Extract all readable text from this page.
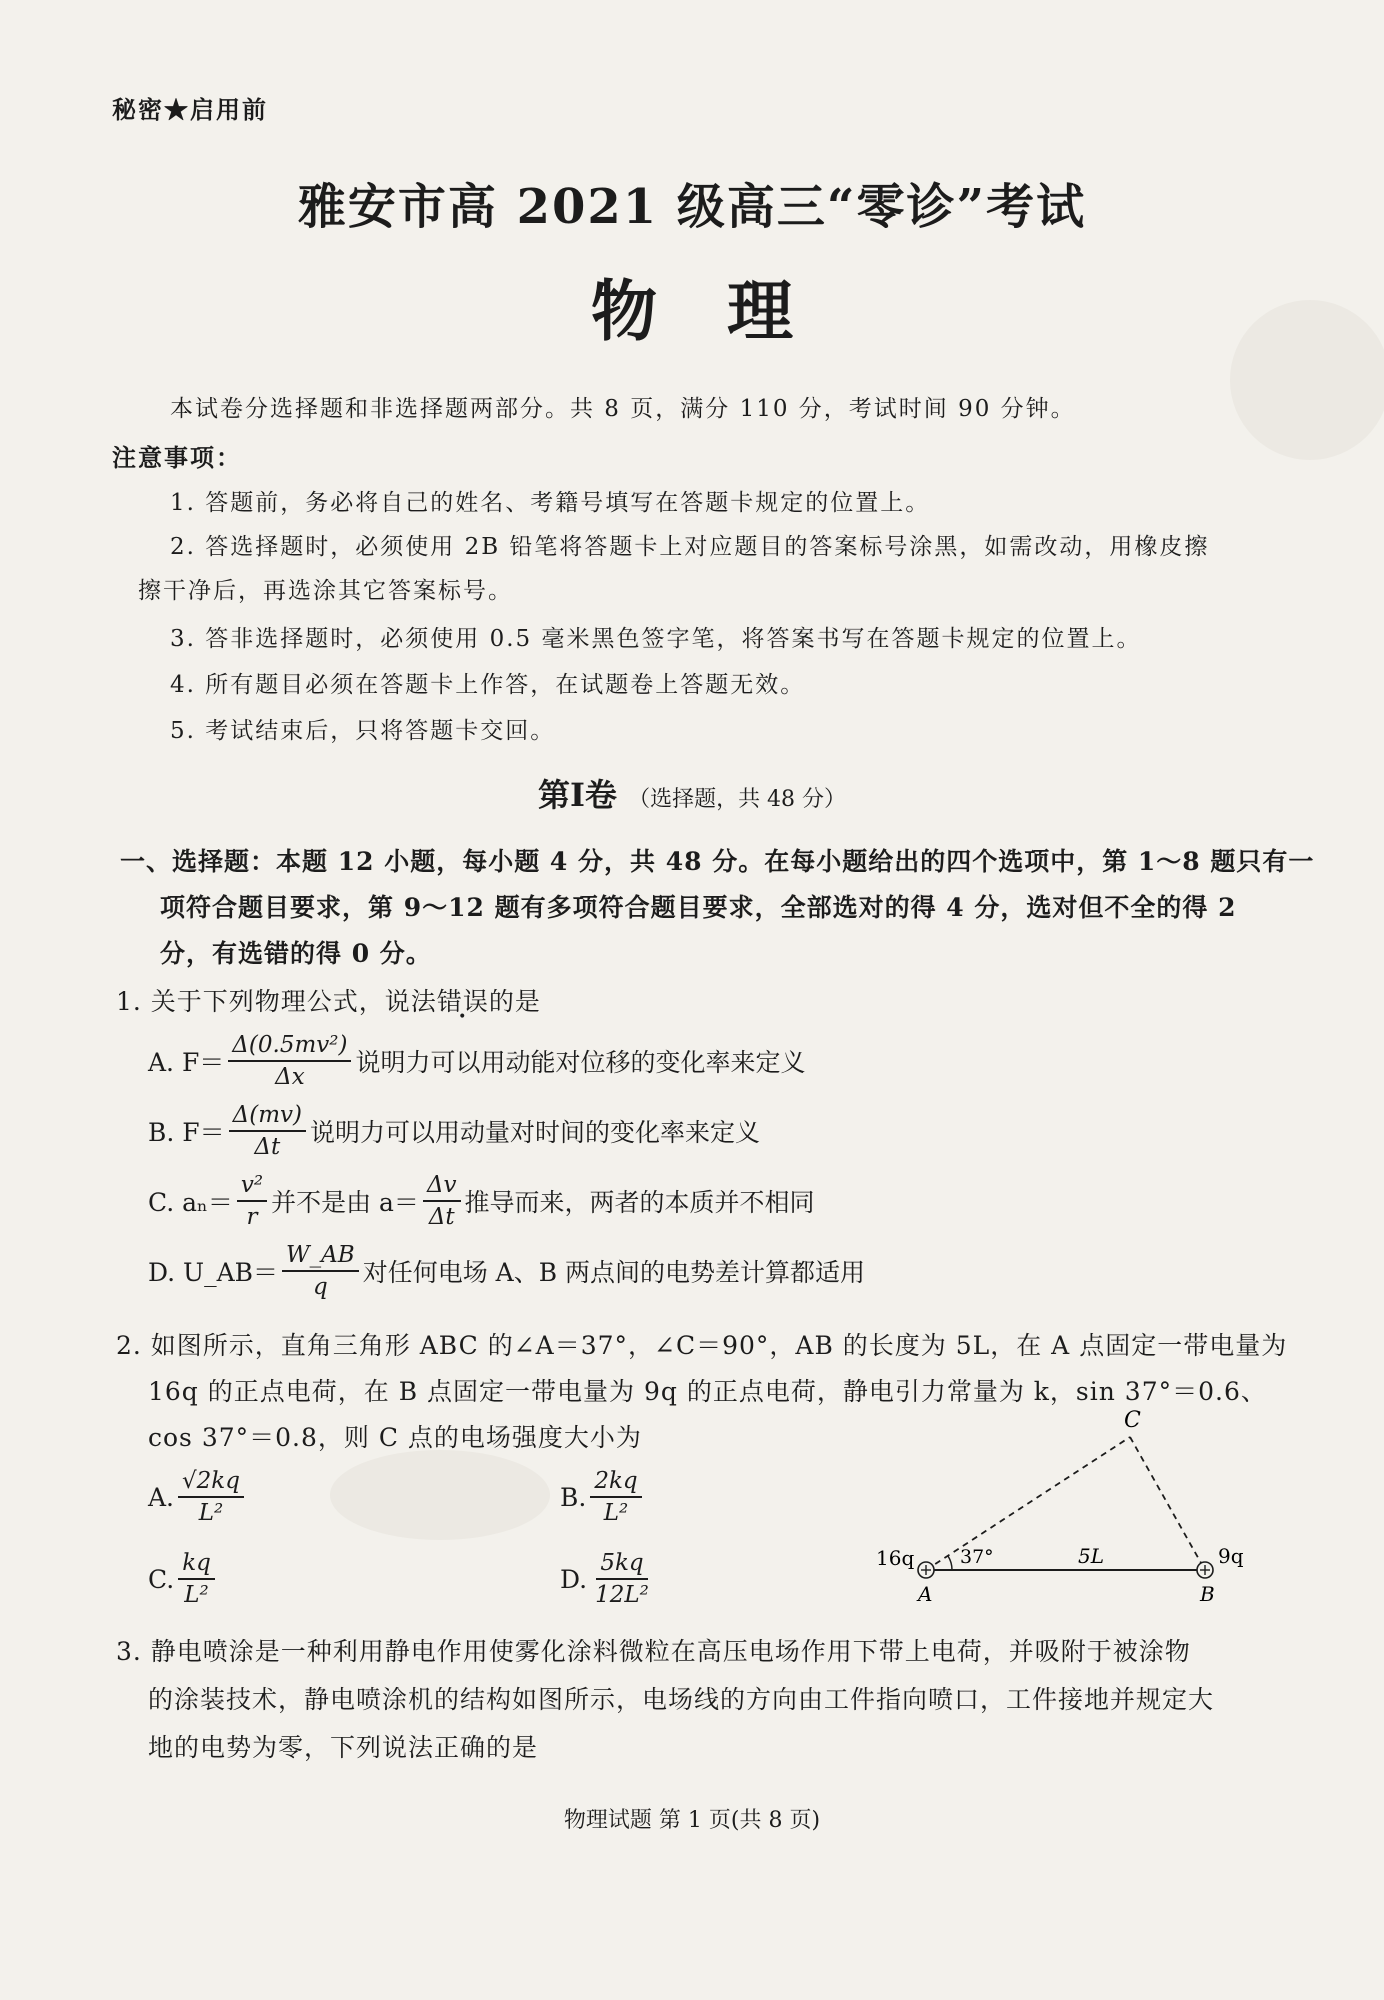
秘密★启用前
雅安市高 2021 级高三“零诊”考试
物理
本试卷分选择题和非选择题两部分。共 8 页，满分 110 分，考试时间 90 分钟。
注意事项：
1. 答题前，务必将自己的姓名、考籍号填写在答题卡规定的位置上。
2. 答选择题时，必须使用 2B 铅笔将答题卡上对应题目的答案标号涂黑，如需改动，用橡皮擦
擦干净后，再选涂其它答案标号。
3. 答非选择题时，必须使用 0.5 毫米黑色签字笔，将答案书写在答题卡规定的位置上。
4. 所有题目必须在答题卡上作答，在试题卷上答题无效。
5. 考试结束后，只将答题卡交回。
第Ⅰ卷 （选择题，共 48 分）
一、选择题：本题 12 小题，每小题 4 分，共 48 分。在每小题给出的四个选项中，第 1～8 题只有一
项符合题目要求，第 9～12 题有多项符合题目要求，全部选对的得 4 分，选对但不全的得 2
分，有选错的得 0 分。
1. 关于下列物理公式，说法错误的是
A. $F= \frac{\text{Δ(0.5mv²)}}{\Delta x}$ 说明力可以用动能对位移的变化率来定义
B. $F= \frac{\Delta(mv)}{\Delta t}$ 说明力可以用动量对时间的变化率来定义
C. $a_n= \frac{\text{v²}}{r}$ 并不是由 $a= \frac{\Delta v}{\Delta t}$ 推导而来，两者的本质并不相同
D. U_AB＝ $\frac{W\_AB}{q}$ 对任何电场 A、B 两点间的电势差计算都适用
2. 如图所示，直角三角形 ABC 的∠A＝37°，∠C＝90°，AB 的长度为 5L，在 A 点固定一带电量为
16q 的正点电荷，在 B 点固定一带电量为 9q 的正点电荷，静电引力常量为 k，sin 37°＝0.6、
cos 37°＝0.8，则 C 点的电场强度大小为
A. $\frac{√2kq}{\text{L²}}$	B. $\frac{2kq}{\text{L²}}$
C. $\frac{kq}{\text{L²}}$	D. $\frac{5kq}{\text{12L²}}$
C
A	B
16q	9q
37°	5L
3. 静电喷涂是一种利用静电作用使雾化涂料微粒在高压电场作用下带上电荷，并吸附于被涂物
的涂装技术，静电喷涂机的结构如图所示，电场线的方向由工件指向喷口，工件接地并规定大
地的电势为零，下列说法正确的是
物理试题 第 1 页(共 8 页)
